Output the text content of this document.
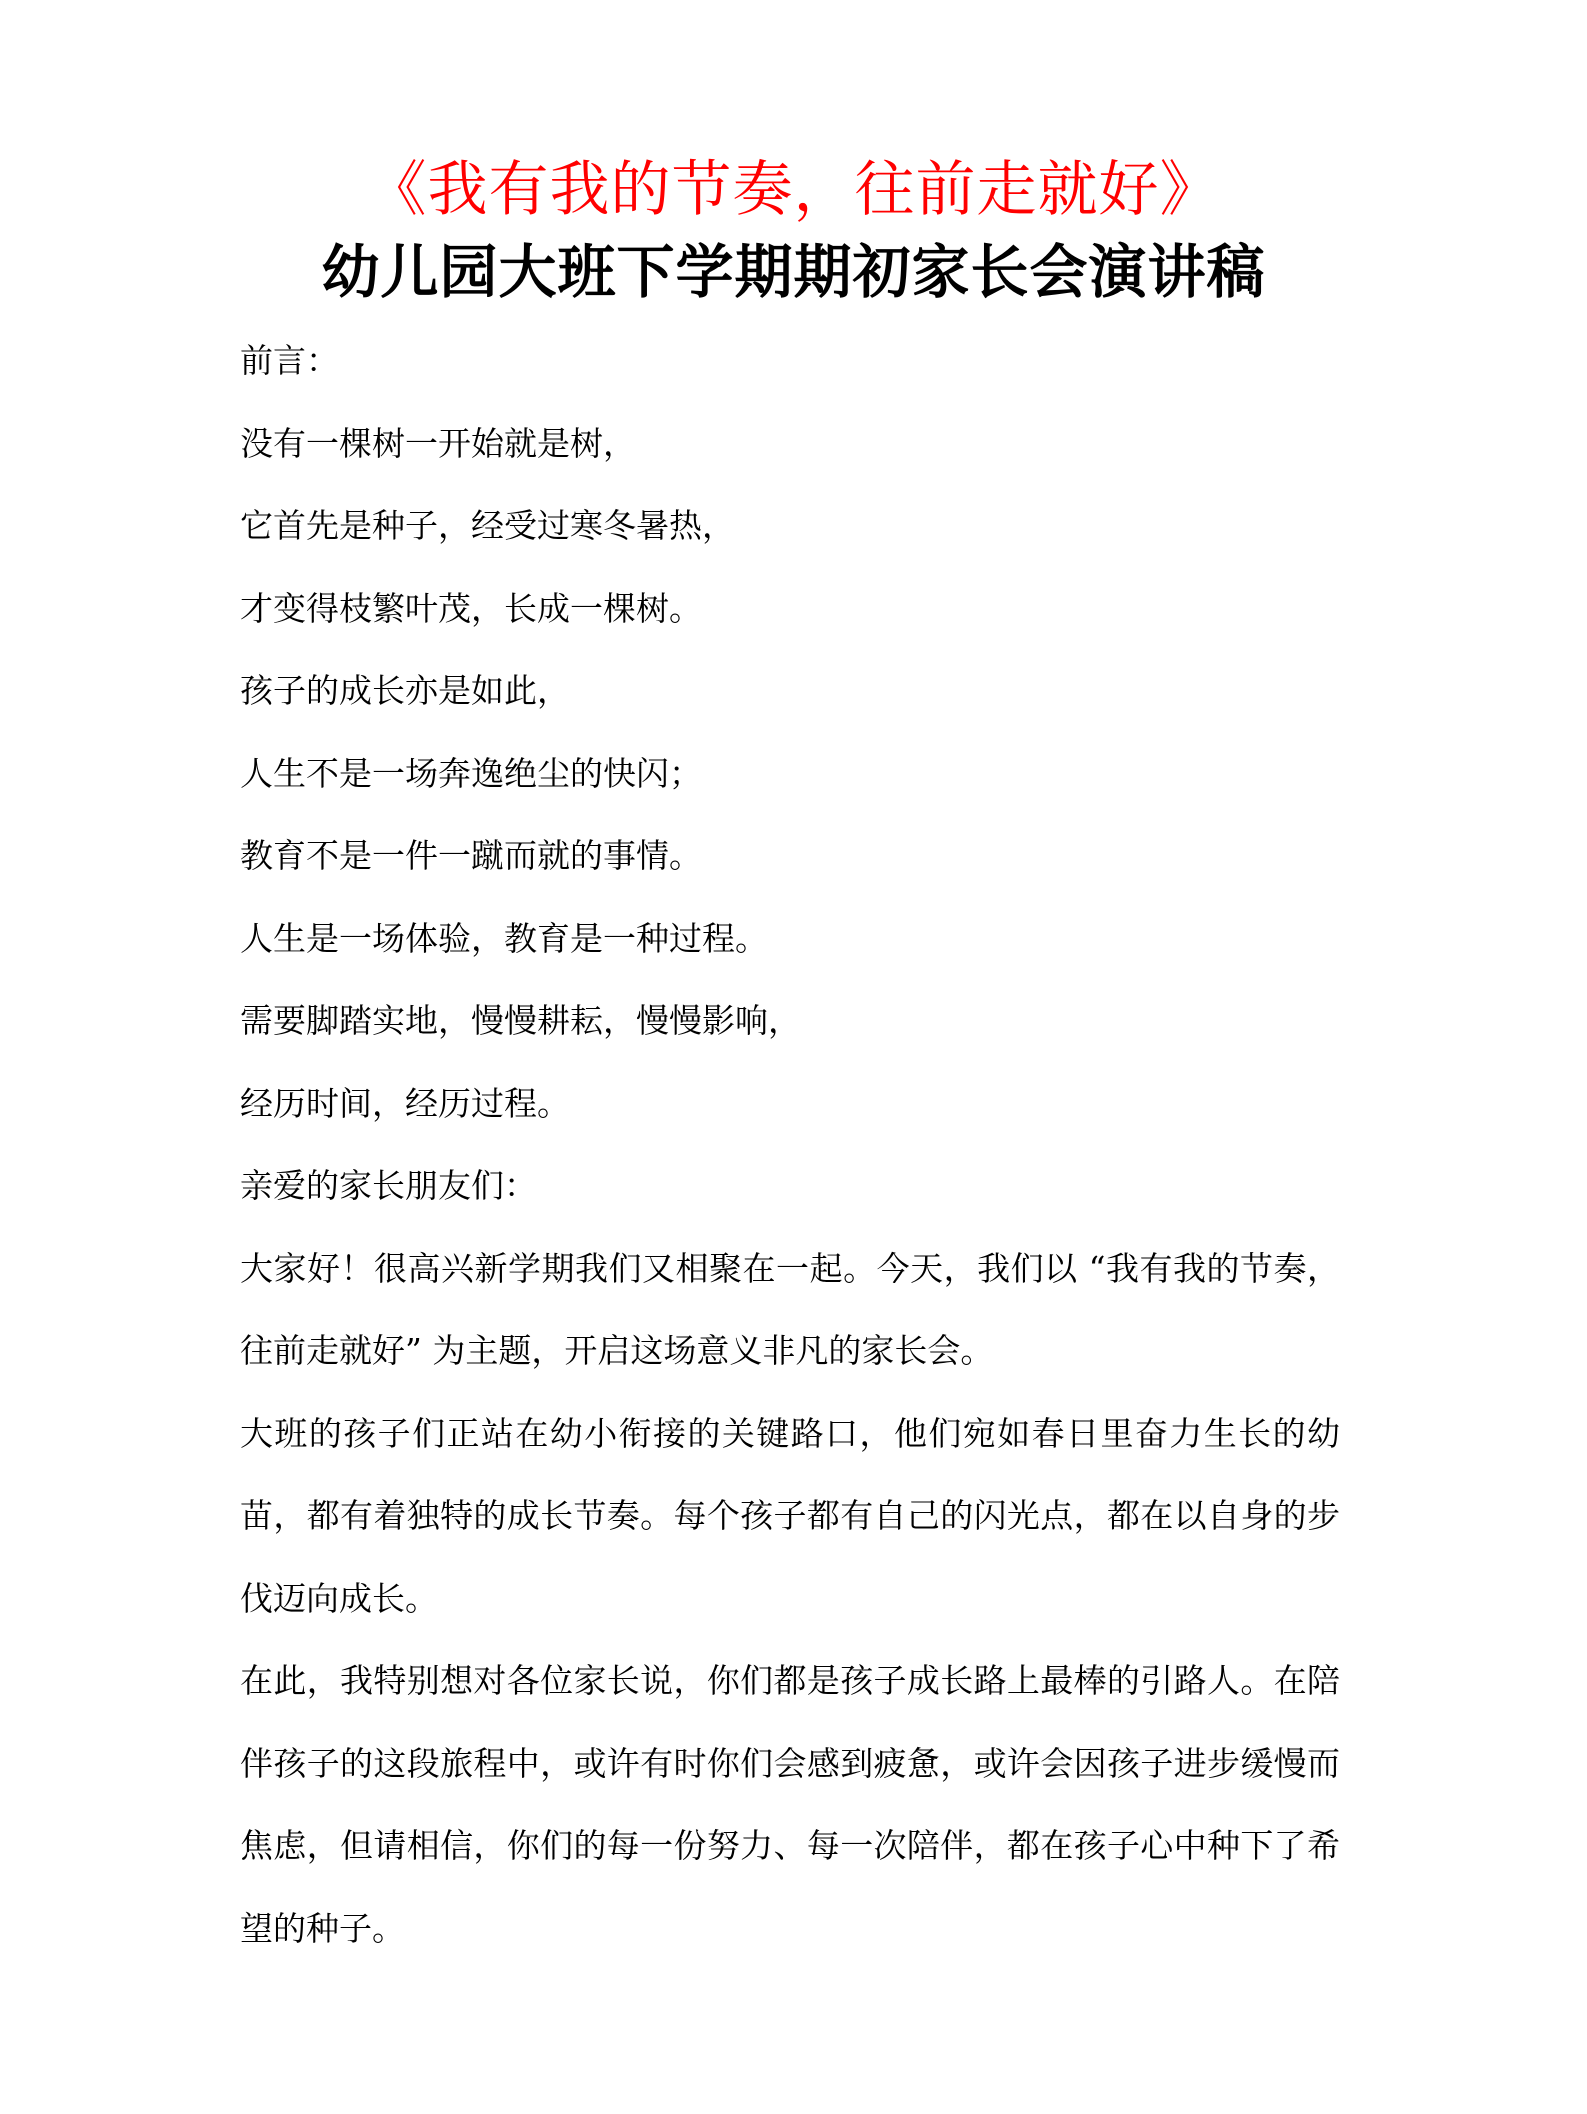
《我有我的节奏，往前走就好》
幼儿园大班下学期期初家长会演讲稿

前言：

没有一棵树一开始就是树，

它首先是种子，经受过寒冬暑热，

才变得枝繁叶茂，长成一棵树。

孩子的成长亦是如此，

人生不是一场奔逸绝尘的快闪；

教育不是一件一蹴而就的事情。

人生是一场体验，教育是一种过程。

需要脚踏实地，慢慢耕耘，慢慢影响，

经历时间，经历过程。

亲爱的家长朋友们：

大家好！很高兴新学期我们又相聚在一起。今天，我们以 “我有我的节奏，往前走就好” 为主题，开启这场意义非凡的家长会。

大班的孩子们正站在幼小衔接的关键路口，他们宛如春日里奋力生长的幼苗，都有着独特的成长节奏。每个孩子都有自己的闪光点，都在以自身的步伐迈向成长。

在此，我特别想对各位家长说，你们都是孩子成长路上最棒的引路人。在陪伴孩子的这段旅程中，或许有时你们会感到疲惫，或许会因孩子进步缓慢而焦虑，但请相信，你们的每一份努力、每一次陪伴，都在孩子心中种下了希望的种子。
